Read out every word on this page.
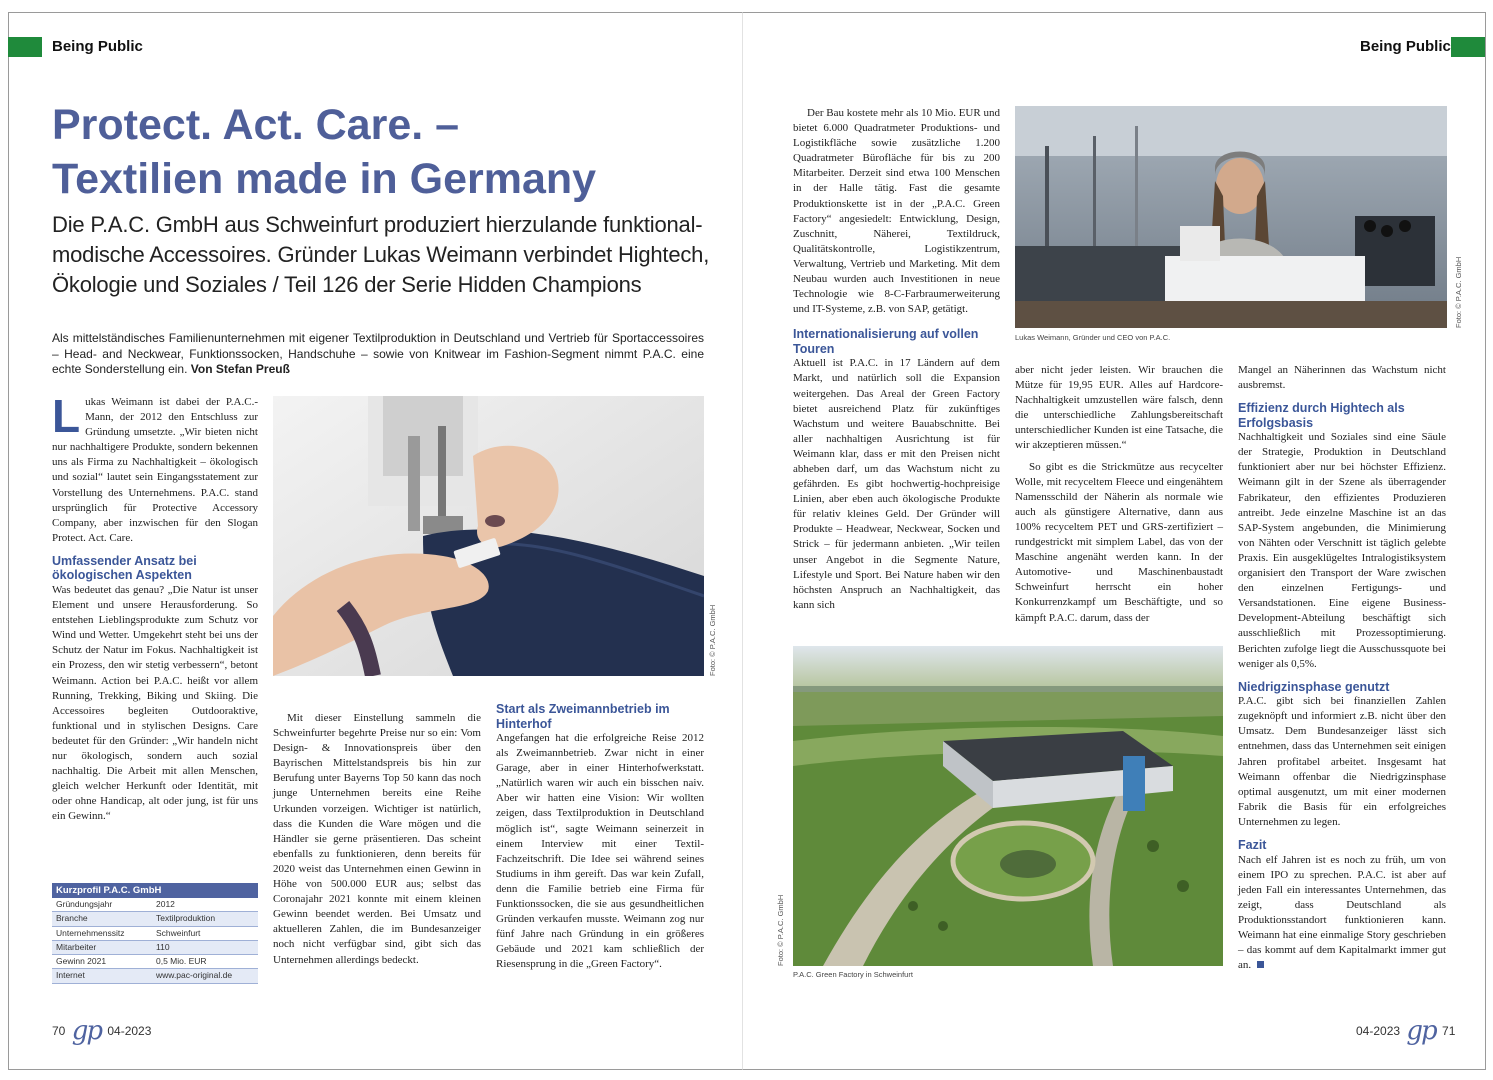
Being Public	Being Public
Protect. Act. Care. –
Textilien made in Germany

Die P.A.C. GmbH aus Schweinfurt produziert hierzulande funktional-modische Accessoires. Gründer Lukas Weimann verbindet Hightech, Ökologie und Soziales / Teil 126 der Serie Hidden Champions

Als mittelständisches Familienunternehmen mit eigener Textilproduktion in Deutschland und Vertrieb für Sportaccessoires – Head- and Neckwear, Funktionssocken, Handschuhe – sowie von Knitwear im Fashion-Segment nimmt P.A.C. eine echte Sonderstellung ein. Von Stefan Preuß

Lukas Weimann ist dabei der P.A.C.-Mann, der 2012 den Entschluss zur Gründung umsetzte. „Wir bieten nicht nur nachhaltigere Produkte, sondern bekennen uns als Firma zu Nachhaltigkeit – ökologisch und sozial“ lautet sein Eingangsstatement zur Vorstellung des Unternehmens. P.A.C. stand ursprünglich für Protective Accessory Company, aber inzwischen für den Slogan Protect. Act. Care.

Umfassender Ansatz bei ökologischen Aspekten

Was bedeutet das genau? „Die Natur ist unser Element und unsere Herausforderung. So entstehen Lieblingsprodukte zum Schutz vor Wind und Wetter. Umgekehrt steht bei uns der Schutz der Natur im Fokus. Nachhaltigkeit ist ein Prozess, den wir stetig verbessern“, betont Weimann. Action bei P.A.C. heißt vor allem Running, Trekking, Biking und Skiing. Die Accessoires begleiten Outdooraktive, funktional und in stylischen Designs. Care bedeutet für den Gründer: „Wir handeln nicht nur ökologisch, sondern auch sozial nachhaltig. Die Arbeit mit allen Menschen, gleich welcher Herkunft oder Identität, mit oder ohne Handicap, alt oder jung, ist für uns ein Gewinn.“

Kurzprofil P.A.C. GmbH
Gründungsjahr	2012
Branche	Textilproduktion
Unternehmenssitz	Schweinfurt
Mitarbeiter	110
Gewinn 2021	0,5 Mio. EUR
Internet	www.pac-original.de
Foto: © P.A.C. GmbH

Mit dieser Einstellung sammeln die Schweinfurter begehrte Preise nur so ein: Vom Design- & Innovationspreis über den Bayrischen Mittelstandspreis bis hin zur Berufung unter Bayerns Top 50 kann das noch junge Unternehmen bereits eine Reihe Urkunden vorzeigen. Wichtiger ist natürlich, dass die Kunden die Ware mögen und die Händler sie gerne präsentieren. Das scheint ebenfalls zu funktionieren, denn bereits für 2020 weist das Unternehmen einen Gewinn in Höhe von 500.000 EUR aus; selbst das Coronajahr 2021 konnte mit einem kleinen Gewinn beendet werden. Bei Umsatz und aktuelleren Zahlen, die im Bundesanzeiger noch nicht verfügbar sind, gibt sich das Unternehmen allerdings bedeckt.

Start als Zweimannbetrieb im Hinterhof

Angefangen hat die erfolgreiche Reise 2012 als Zweimannbetrieb. Zwar nicht in einer Garage, aber in einer Hinterhofwerkstatt. „Natürlich waren wir auch ein bisschen naiv. Aber wir hatten eine Vision: Wir wollten zeigen, dass Textilproduktion in Deutschland möglich ist“, sagte Weimann seinerzeit in einem Interview mit einer Textil-Fachzeitschrift. Die Idee sei während seines Studiums in ihm gereift. Das war kein Zufall, denn die Familie betrieb eine Firma für Funktionssocken, die sie aus gesundheitlichen Gründen verkaufen musste. Weimann zog nur fünf Jahre nach Gründung in ein größeres Gebäude und 2021 kam schließlich der Riesensprung in die „Green Factory“.

Der Bau kostete mehr als 10 Mio. EUR und bietet 6.000 Quadratmeter Produktions- und Logistikfläche sowie zusätzliche 1.200 Quadratmeter Bürofläche für bis zu 200 Mitarbeiter. Derzeit sind etwa 100 Menschen in der Halle tätig. Fast die gesamte Produktionskette ist in der „P.A.C. Green Factory“ angesiedelt: Entwicklung, Design, Zuschnitt, Näherei, Textildruck, Qualitätskontrolle, Logistikzentrum, Verwaltung, Vertrieb und Marketing. Mit dem Neubau wurden auch Investitionen in neue Technologie wie 8-C-Farbraumerweiterung und IT-Systeme, z.B. von SAP, getätigt.

Internationalisierung auf vollen Touren

Aktuell ist P.A.C. in 17 Ländern auf dem Markt, und natürlich soll die Expansion weitergehen. Das Areal der Green Factory bietet ausreichend Platz für zukünftiges Wachstum und weitere Bauabschnitte. Bei aller nachhaltigen Ausrichtung ist für Weimann klar, dass er mit den Preisen nicht abheben darf, um das Wachstum nicht zu gefährden. Es gibt hochwertig-hochpreisige Linien, aber eben auch ökologische Produkte für relativ kleines Geld. Der Gründer will Produkte – Headwear, Neckwear, Socken und Strick – für jedermann anbieten. „Wir teilen unser Angebot in die Segmente Nature, Lifestyle und Sport. Bei Nature haben wir den höchsten Anspruch an Nachhaltigkeit, das kann sich

Foto: © P.A.C. GmbH
Lukas Weimann, Gründer und CEO von P.A.C.

aber nicht jeder leisten. Wir brauchen die Mütze für 19,95 EUR. Alles auf Hardcore-Nachhaltigkeit umzustellen wäre falsch, denn die unterschiedliche Zahlungsbereitschaft unterschiedlicher Kunden ist eine Tatsache, die wir akzeptieren müssen.“

So gibt es die Strickmütze aus recycelter Wolle, mit recyceltem Fleece und eingenähtem Namensschild der Näherin als normale wie auch als günstigere Alternative, dann aus 100% recyceltem PET und GRS-zertifiziert – rundgestrickt mit simplem Label, das von der Maschine angenäht werden kann. In der Automotive- und Maschinenbaustadt Schweinfurt herrscht ein hoher Konkurrenzkampf um Beschäftigte, und so kämpft P.A.C. darum, dass der

Foto: © P.A.C. GmbH
P.A.C. Green Factory in Schweinfurt

Mangel an Näherinnen das Wachstum nicht ausbremst.

Effizienz durch Hightech als Erfolgsbasis

Nachhaltigkeit und Soziales sind eine Säule der Strategie, Produktion in Deutschland funktioniert aber nur bei höchster Effizienz. Weimann gilt in der Szene als überragender Fabrikateur, den effizientes Produzieren antreibt. Jede einzelne Maschine ist an das SAP-System angebunden, die Minimierung von Nähten oder Verschnitt ist täglich gelebte Praxis. Ein ausgeklügeltes Intralogistiksystem organisiert den Transport der Ware zwischen den einzelnen Fertigungs- und Versandstationen. Eine eigene Business-Development-Abteilung beschäftigt sich ausschließlich mit Prozessoptimierung. Berichten zufolge liegt die Ausschussquote bei weniger als 0,5%.

Niedrigzinsphase genutzt

P.A.C. gibt sich bei finanziellen Zahlen zugeknöpft und informiert z.B. nicht über den Umsatz. Dem Bundesanzeiger lässt sich entnehmen, dass das Unternehmen seit einigen Jahren profitabel arbeitet. Insgesamt hat Weimann offenbar die Niedrigzinsphase optimal ausgenutzt, um mit einer modernen Fabrik die Basis für ein erfolgreiches Unternehmen zu legen.

Fazit

Nach elf Jahren ist es noch zu früh, um von einem IPO zu sprechen. P.A.C. ist aber auf jeden Fall ein interessantes Unternehmen, das zeigt, dass Deutschland als Produktionsstandort funktionieren kann. Weimann hat eine einmalige Story geschrieben – das kommt auf dem Kapitalmarkt immer gut an.

70 gp 04-2023	04-2023 gp 71
